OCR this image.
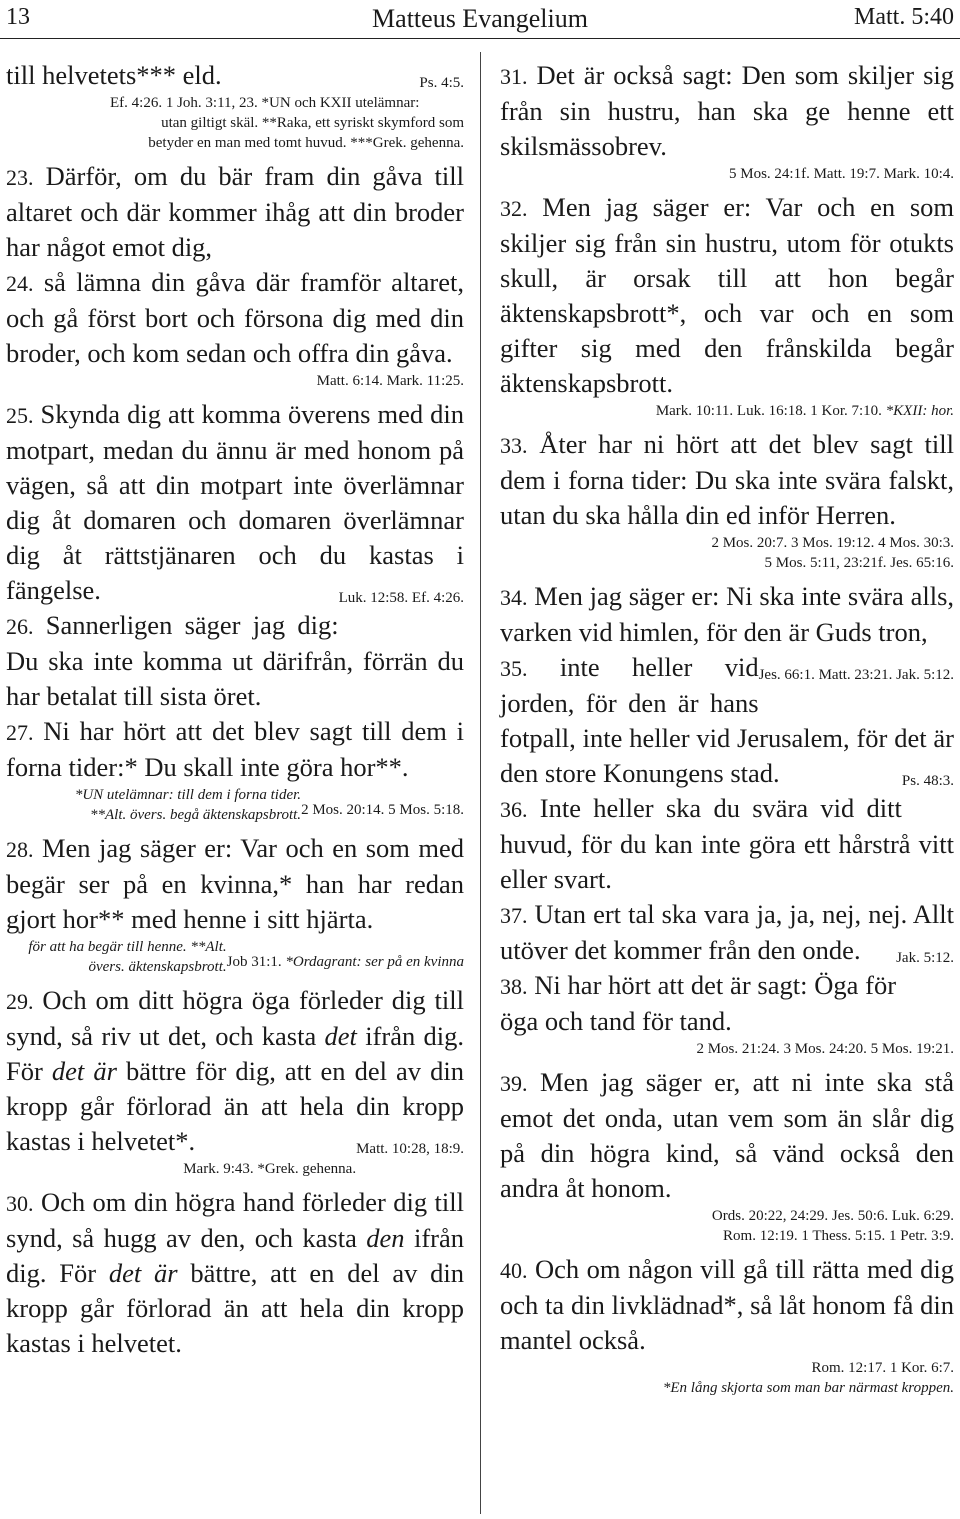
Matteus Evangelium
13	Matt. 5:40

till helvetets*** eld.	Ps. 4:5.

Ef. 4:26. 1 Joh. 3:11, 23. *UN och KXII utelämnar:

utan giltigt skäl. **Raka, ett syriskt skymford som

betyder en man med tomt huvud. ***Grek. gehenna.

23. Därför, om du bär fram din gåva till altaret och där kommer ihåg att din broder har något emot dig,

24. så lämna din gåva där framför altaret, och gå först bort och försona dig med din broder, och kom sedan och offra din gåva.

Matt. 6:14. Mark. 11:25.

25. Skynda dig att komma överens med din motpart, medan du ännu är med honom på vägen, så att din motpart inte överlämnar dig åt domaren och domaren överlämnar dig åt rättstjänaren och du kastas i fängelse.	Luk. 12:58. Ef. 4:26.

26. Sannerligen säger jag dig: Du ska inte komma ut därifrån, förrän du har betalat till sista öret.

27. Ni har hört att det blev sagt till dem i forna tider:* Du skall inte göra hor**.
2 Mos. 20:14. 5 Mos. 5:18.

*UN utelämnar: till dem i forna tider.

**Alt. övers. begå äktenskapsbrott.

28. Men jag säger er: Var och en som med begär ser på en kvinna,* han har redan gjort hor** med henne i sitt hjärta.
Job 31:1. *Ordagrant: ser på en kvinna

för att ha begär till henne. **Alt. övers. äktenskapsbrott.

29. Och om ditt högra öga förleder dig till synd, så riv ut det, och kasta det ifrån dig. För det är bättre för dig, att en del av din kropp går förlorad än att hela din kropp kastas i helvetet*.	Matt. 10:28, 18:9.

Mark. 9:43. *Grek. gehenna.

30. Och om din högra hand förleder dig till synd, så hugg av den, och kasta den ifrån dig. För det är bättre, att en del av din kropp går förlorad än att hela din kropp kastas i helvetet.

31. Det är också sagt: Den som skiljer sig från sin hustru, han ska ge henne ett skilsmässobrev.

5 Mos. 24:1f. Matt. 19:7. Mark. 10:4.

32. Men jag säger er: Var och en som skiljer sig från sin hustru, utom för otukts skull, är orsak till att hon begår äktenskapsbrott*, och var och en som gifter sig med den frånskilda begår äktenskapsbrott.

Mark. 10:11. Luk. 16:18. 1 Kor. 7:10. *KXII: hor.

33. Åter har ni hört att det blev sagt till dem i forna tider: Du ska inte svära falskt, utan du ska hålla din ed inför Herren.

2 Mos. 20:7. 3 Mos. 19:12. 4 Mos. 30:3.

5 Mos. 5:11, 23:21f. Jes. 65:16.

34. Men jag säger er: Ni ska inte svära alls, varken vid himlen, för den är Guds tron,
Jes. 66:1. Matt. 23:21. Jak. 5:12.

35. inte heller vid jorden, för den är hans fotpall, inte heller vid Jerusalem, för det är den store Konungens stad.	Ps. 48:3.

36. Inte heller ska du svära vid ditt huvud, för du kan inte göra ett hårstrå vitt eller svart.

37. Utan ert tal ska vara ja, ja, nej, nej. Allt utöver det kommer från den onde. Jak. 5:12.

38. Ni har hört att det är sagt: Öga för öga och tand för tand.

2 Mos. 21:24. 3 Mos. 24:20. 5 Mos. 19:21.

39. Men jag säger er, att ni inte ska stå emot det onda, utan vem som än slår dig på din högra kind, så vänd också den andra åt honom.

Ords. 20:22, 24:29. Jes. 50:6. Luk. 6:29.

Rom. 12:19. 1 Thess. 5:15. 1 Petr. 3:9.

40. Och om någon vill gå till rätta med dig och ta din livklädnad*, så låt honom få din mantel också.

Rom. 12:17. 1 Kor. 6:7.

*En lång skjorta som man bar närmast kroppen.
